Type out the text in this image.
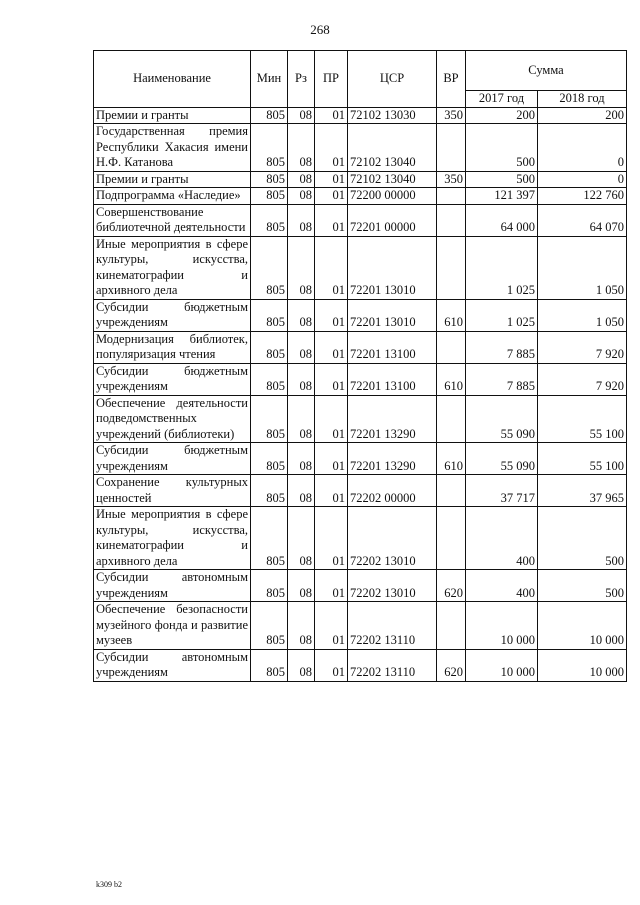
268
Наименование	Мин	Рз	ПР	ЦСР	ВР	Сумма	
						2017 год	2018 год
Премии и гранты	805	08	01	72102 13030	350	200	200
Государственная премия Республики Хакасия имени Н.Ф. Катанова	805	08	01	72102 13040		500	0
Премии и гранты	805	08	01	72102 13040	350	500	0
Подпрограмма «Наследие»	805	08	01	72200 00000		121 397	122 760
Совершенствование библиотечной деятельности	805	08	01	72201 00000		64 000	64 070
Иные мероприятия в сфере культуры, искусства, кинематографии и архивного дела	805	08	01	72201 13010		1 025	1 050
Субсидии бюджетным учреждениям	805	08	01	72201 13010	610	1 025	1 050
Модернизация библиотек, популяризация чтения	805	08	01	72201 13100		7 885	7 920
Субсидии бюджетным учреждениям	805	08	01	72201 13100	610	7 885	7 920
Обеспечение деятельности подведомственных учреждений (библиотеки)	805	08	01	72201 13290		55 090	55 100
Субсидии бюджетным учреждениям	805	08	01	72201 13290	610	55 090	55 100
Сохранение культурных ценностей	805	08	01	72202 00000		37 717	37 965
Иные мероприятия в сфере культуры, искусства, кинематографии и архивного дела	805	08	01	72202 13010		400	500
Субсидии автономным учреждениям	805	08	01	72202 13010	620	400	500
Обеспечение безопасности музейного фонда и развитие музеев	805	08	01	72202 13110		10 000	10 000
Субсидии автономным учреждениям	805	08	01	72202 13110	620	10 000	10 000
k309 b2
